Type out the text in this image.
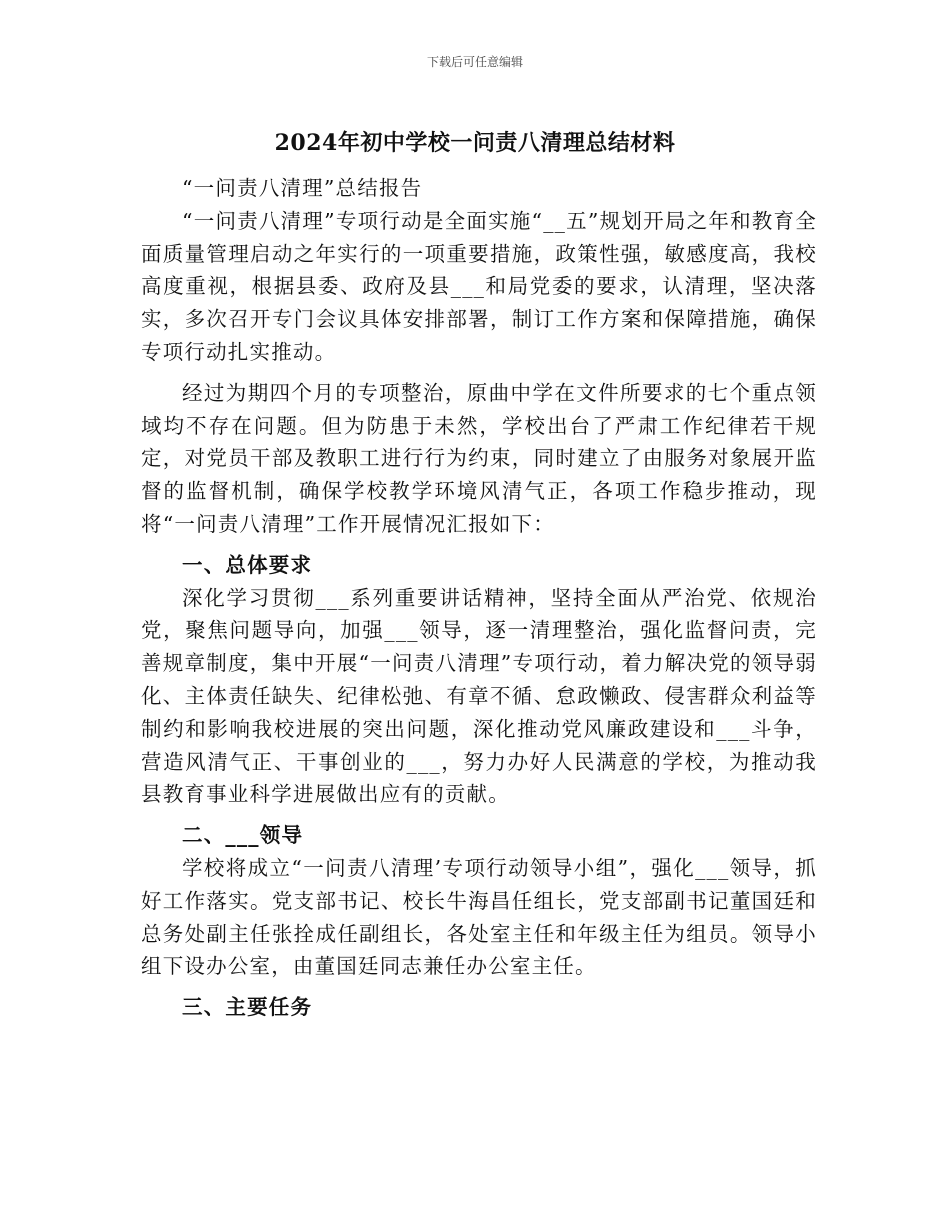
下载后可任意编辑
2024年初中学校一问责八清理总结材料

“一问责八清理”总结报告

“一问责八清理”专项行动是全面实施“__五”规划开局之年和教育全面质量管理启动之年实行的一项重要措施，政策性强，敏感度高，我校高度重视，根据县委、政府及县___和局党委的要求，认清理，坚决落实，多次召开专门会议具体安排部署，制订工作方案和保障措施，确保专项行动扎实推动。

经过为期四个月的专项整治，原曲中学在文件所要求的七个重点领域均不存在问题。但为防患于未然，学校出台了严肃工作纪律若干规定，对党员干部及教职工进行行为约束，同时建立了由服务对象展开监督的监督机制，确保学校教学环境风清气正，各项工作稳步推动，现将“一问责八清理”工作开展情况汇报如下：

一、总体要求

深化学习贯彻___系列重要讲话精神，坚持全面从严治党、依规治党，聚焦问题导向，加强___领导，逐一清理整治，强化监督问责，完善规章制度，集中开展“一问责八清理”专项行动，着力解决党的领导弱化、主体责任缺失、纪律松弛、有章不循、怠政懒政、侵害群众利益等制约和影响我校进展的突出问题，深化推动党风廉政建设和___斗争，营造风清气正、干事创业的___，努力办好人民满意的学校，为推动我县教育事业科学进展做出应有的贡献。

二、___领导

学校将成立“一问责八清理’专项行动领导小组”，强化___领导，抓好工作落实。党支部书记、校长牛海昌任组长，党支部副书记董国廷和总务处副主任张拴成任副组长，各处室主任和年级主任为组员。领导小组下设办公室，由董国廷同志兼任办公室主任。

三、主要任务
